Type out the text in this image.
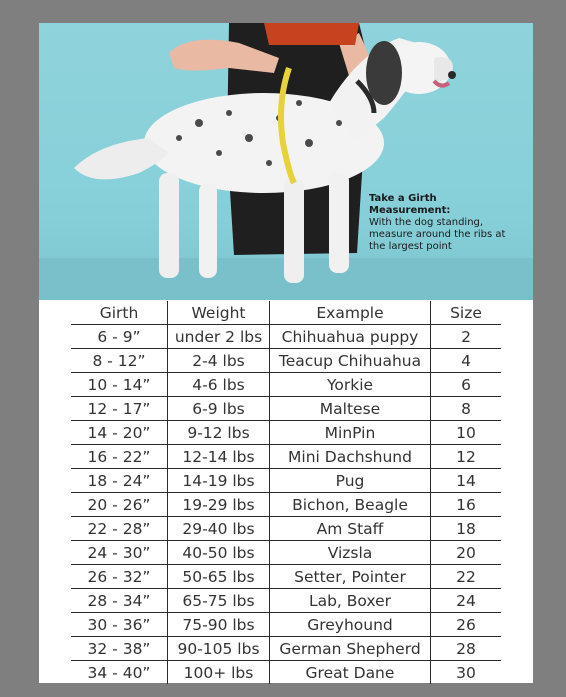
Take a Girth Measurement:
With the dog standing, measure around the ribs at the largest point
Girth	Weight	Example	Size
6 - 9”	under 2 lbs	Chihuahua puppy	2
8 - 12”	2-4 lbs	Teacup Chihuahua	4
10 - 14”	4-6 lbs	Yorkie	6
12 - 17”	6-9 lbs	Maltese	8
14 - 20”	9-12 lbs	MinPin	10
16 - 22”	12-14 lbs	Mini Dachshund	12
18 - 24”	14-19 lbs	Pug	14
20 - 26”	19-29 lbs	Bichon, Beagle	16
22 - 28”	29-40 lbs	Am Staff	18
24 - 30”	40-50 lbs	Vizsla	20
26 - 32”	50-65 lbs	Setter, Pointer	22
28 - 34”	65-75 lbs	Lab, Boxer	24
30 - 36”	75-90 lbs	Greyhound	26
32 - 38”	90-105 lbs	German Shepherd	28
34 - 40”	100+ lbs	Great Dane	30
